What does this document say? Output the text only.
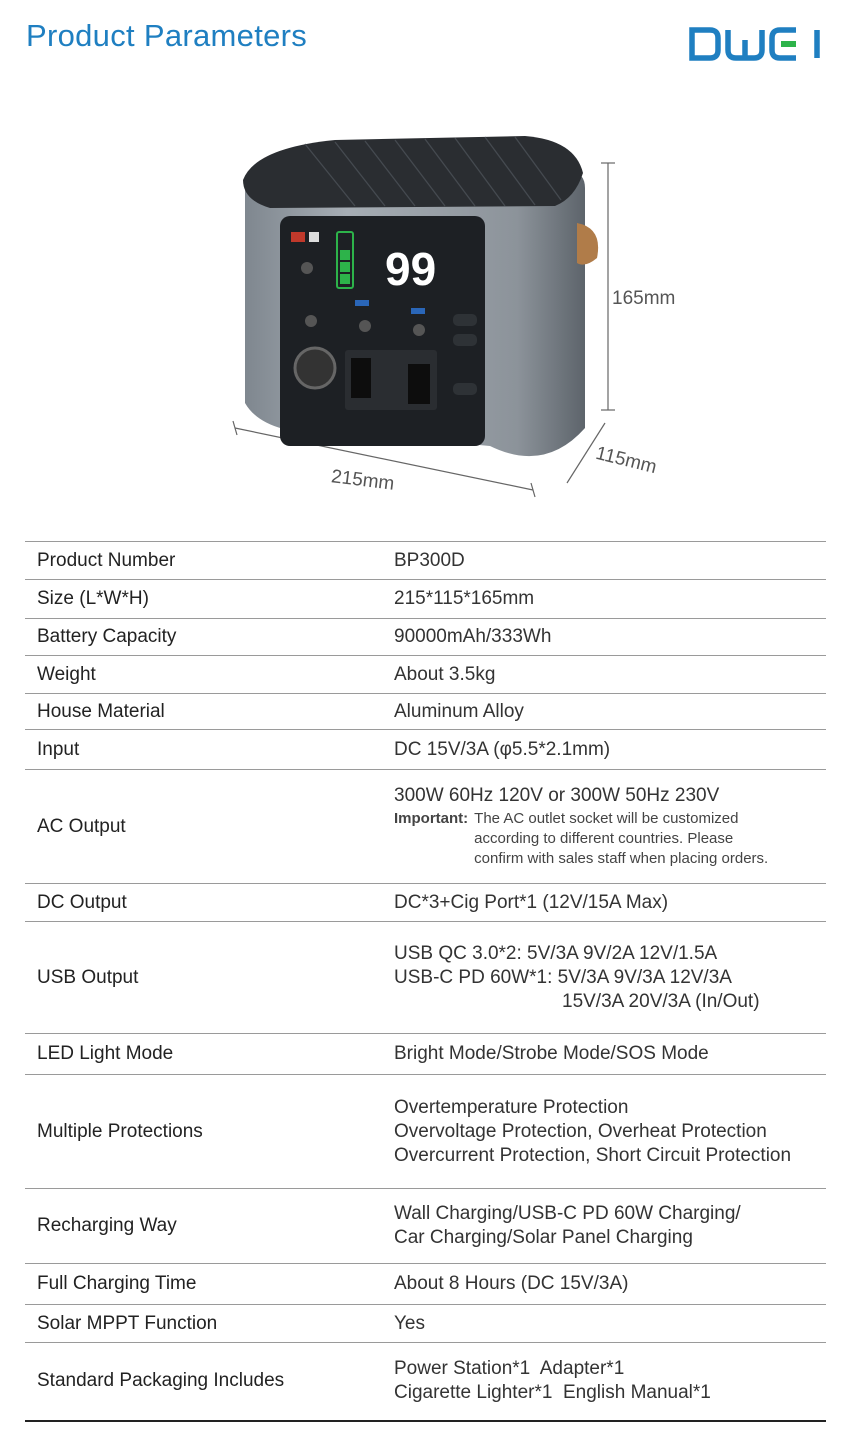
Product Parameters
99
165mm
115mm
215mm
Product Number	BP300D
Size (L*W*H)	215*115*165mm
Battery Capacity	90000mAh/333Wh
Weight	About 3.5kg
House Material	Aluminum Alloy
Input	DC 15V/3A (φ5.5*2.1mm)
AC Output	300W 60Hz 120V or 300W 50Hz 230V
Important: The AC outlet socket will be customized
according to different countries. Please
confirm with sales staff when placing orders.

DC Output	DC*3+Cig Port*1 (12V/15A Max)
USB Output	USB QC 3.0*2: 5V/3A 9V/2A 12V/1.5A
USB-C PD 60W*1: 5V/3A 9V/3A 12V/3A
15V/3A 20V/3A (In/Out)

LED Light Mode	Bright Mode/Strobe Mode/SOS Mode
Multiple Protections	Overtemperature Protection
Overvoltage Protection, Overheat Protection
Overcurrent Protection, Short Circuit Protection

Recharging Way	Wall Charging/USB-C PD 60W Charging/
Car Charging/Solar Panel Charging

Full Charging Time	About 8 Hours (DC 15V/3A)
Solar MPPT Function	Yes
Standard Packaging Includes	Power Station*1  Adapter*1
Cigarette Lighter*1  English Manual*1
